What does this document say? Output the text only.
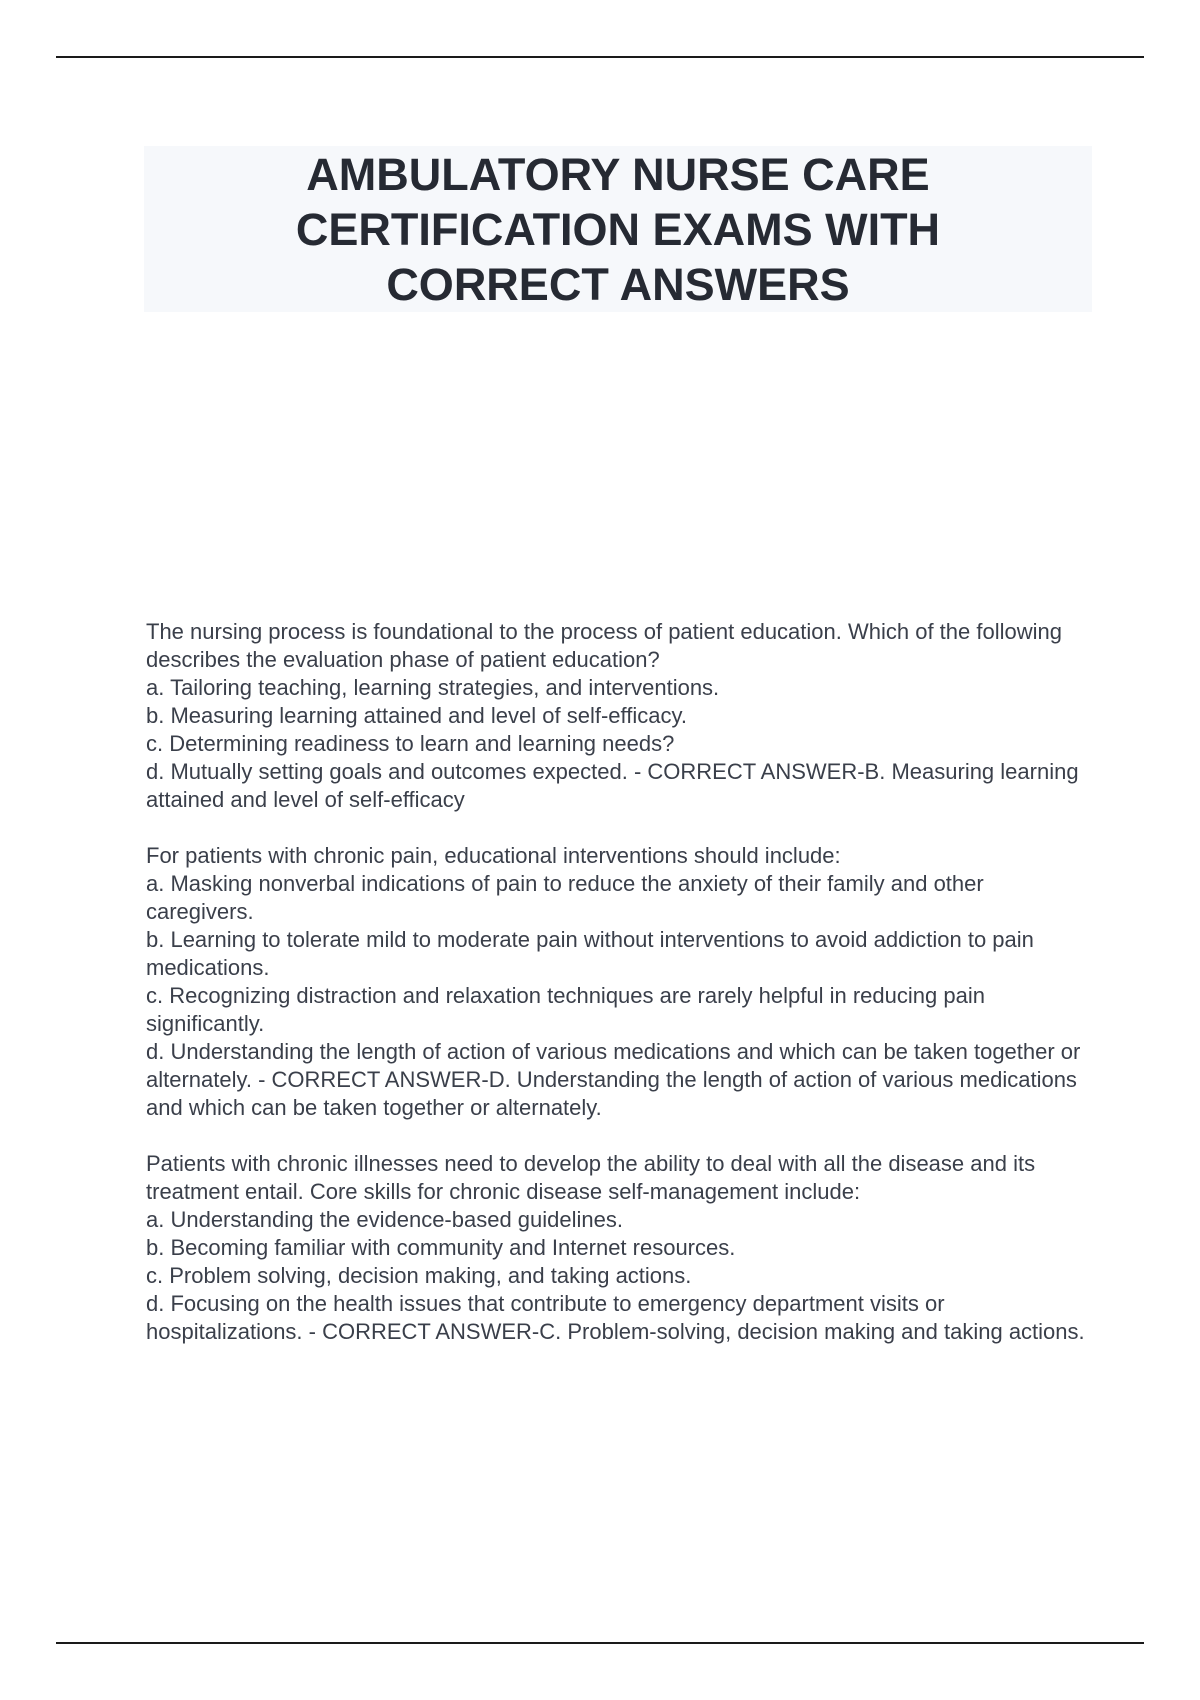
AMBULATORY NURSE CARE
CERTIFICATION EXAMS WITH
CORRECT ANSWERS
The nursing process is foundational to the process of patient education. Which of the following describes the evaluation phase of patient education?
a. Tailoring teaching, learning strategies, and interventions.
b. Measuring learning attained and level of self-efficacy.
c. Determining readiness to learn and learning needs?
d. Mutually setting goals and outcomes expected. - CORRECT ANSWER-B. Measuring learning attained and level of self-efficacy
For patients with chronic pain, educational interventions should include:
a. Masking nonverbal indications of pain to reduce the anxiety of their family and other caregivers.
b. Learning to tolerate mild to moderate pain without interventions to avoid addiction to pain medications.
c. Recognizing distraction and relaxation techniques are rarely helpful in reducing pain significantly.
d. Understanding the length of action of various medications and which can be taken together or alternately. - CORRECT ANSWER-D. Understanding the length of action of various medications and which can be taken together or alternately.
Patients with chronic illnesses need to develop the ability to deal with all the disease and its treatment entail. Core skills for chronic disease self-management include:
a. Understanding the evidence-based guidelines.
b. Becoming familiar with community and Internet resources.
c. Problem solving, decision making, and taking actions.
d. Focusing on the health issues that contribute to emergency department visits or hospitalizations. - CORRECT ANSWER-C. Problem-solving, decision making and taking actions.
